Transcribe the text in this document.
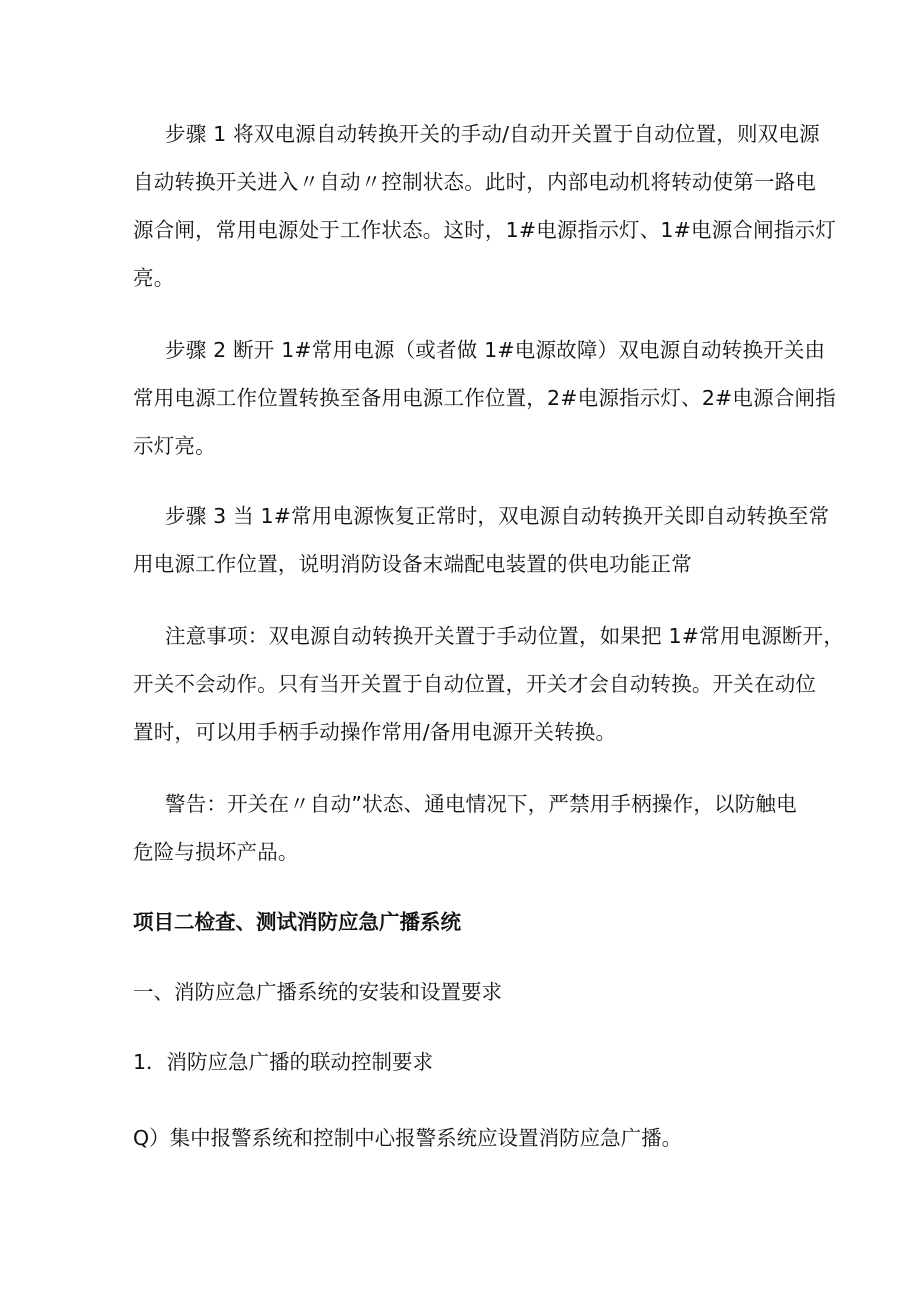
步骤 1 将双电源自动转换开关的手动/自动开关置于自动位置，则双电源
自动转换开关进入〃自动〃控制状态。此时，内部电动机将转动使第一路电
源合闸，常用电源处于工作状态。这时，1#电源指示灯、1#电源合闸指示灯
亮。

步骤 2 断开 1#常用电源（或者做 1#电源故障）双电源自动转换开关由
常用电源工作位置转换至备用电源工作位置，2#电源指示灯、2#电源合闸指
示灯亮。

步骤 3 当 1#常用电源恢复正常时，双电源自动转换开关即自动转换至常
用电源工作位置，说明消防设备末端配电装置的供电功能正常

注意事项：双电源自动转换开关置于手动位置，如果把 1#常用电源断开，
开关不会动作。只有当开关置于自动位置，开关才会自动转换。开关在动位
置时，可以用手柄手动操作常用/备用电源开关转换。

警告：开关在〃自动”状态、通电情况下，严禁用手柄操作，以防触电
危险与损坏产品。

项目二检查、测试消防应急广播系统

一、消防应急广播系统的安装和设置要求

1．消防应急广播的联动控制要求

Q）集中报警系统和控制中心报警系统应设置消防应急广播。
